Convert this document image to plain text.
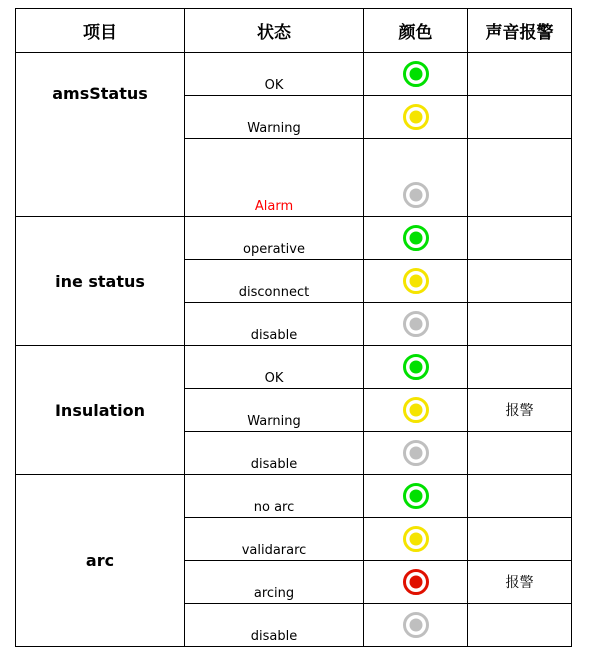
项目	状态	颜色	声音报警
amsStatus	OK	

	Warning	

	Alarm	

ine status	operative	

	disconnect	

	disable	

Insulation	OK	

	Warning		报警
	disable	

arc	no arc	

	validararc	

	arcing		报警
	disable	
